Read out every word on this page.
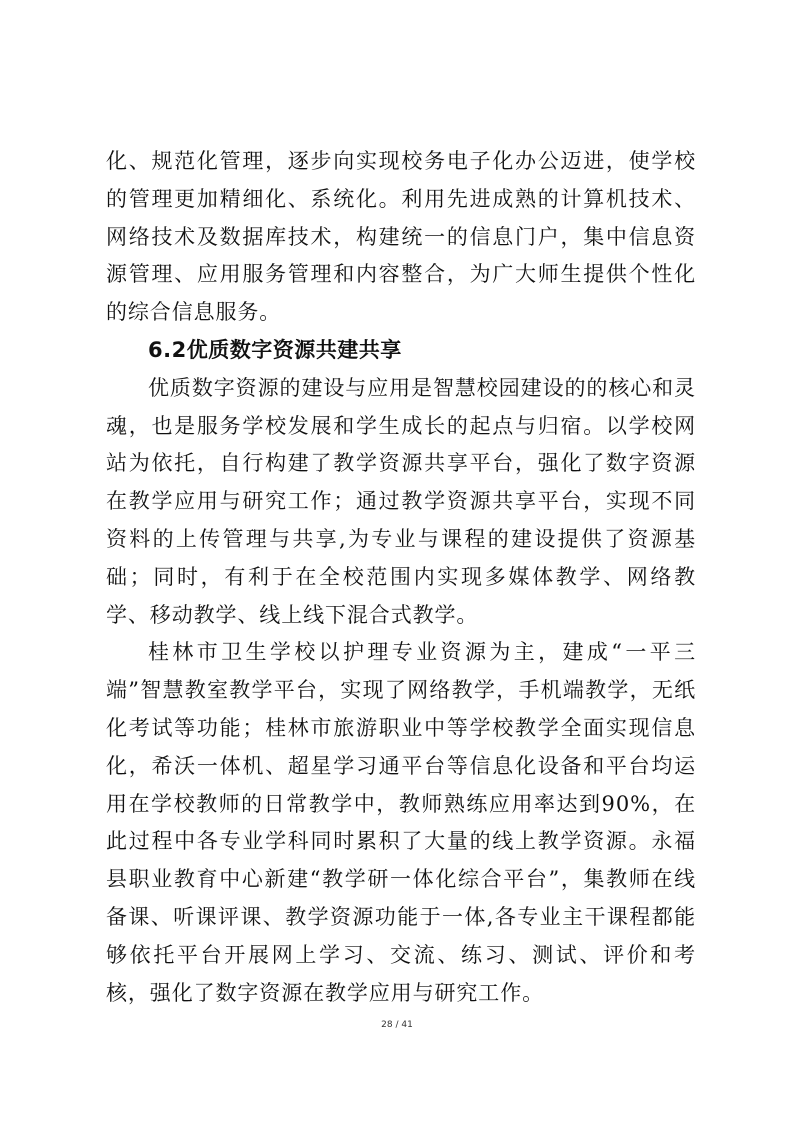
化、规范化管理，逐步向实现校务电子化办公迈进，使学校的管理更加精细化、系统化。利用先进成熟的计算机技术、网络技术及数据库技术，构建统一的信息门户，集中信息资源管理、应用服务管理和内容整合，为广大师生提供个性化的综合信息服务。

6.2优质数字资源共建共享

优质数字资源的建设与应用是智慧校园建设的的核心和灵魂，也是服务学校发展和学生成长的起点与归宿。以学校网站为依托，自行构建了教学资源共享平台，强化了数字资源在教学应用与研究工作；通过教学资源共享平台，实现不同资料的上传管理与共享,为专业与课程的建设提供了资源基础；同时，有利于在全校范围内实现多媒体教学、网络教学、移动教学、线上线下混合式教学。

桂林市卫生学校以护理专业资源为主，建成“一平三端”智慧教室教学平台，实现了网络教学，手机端教学，无纸化考试等功能；桂林市旅游职业中等学校教学全面实现信息化，希沃一体机、超星学习通平台等信息化设备和平台均运用在学校教师的日常教学中，教师熟练应用率达到90%，在此过程中各专业学科同时累积了大量的线上教学资源。永福县职业教育中心新建“教学研一体化综合平台”，集教师在线备课、听课评课、教学资源功能于一体,各专业主干课程都能够依托平台开展网上学习、交流、练习、测试、评价和考核，强化了数字资源在教学应用与研究工作。

28 / 41
